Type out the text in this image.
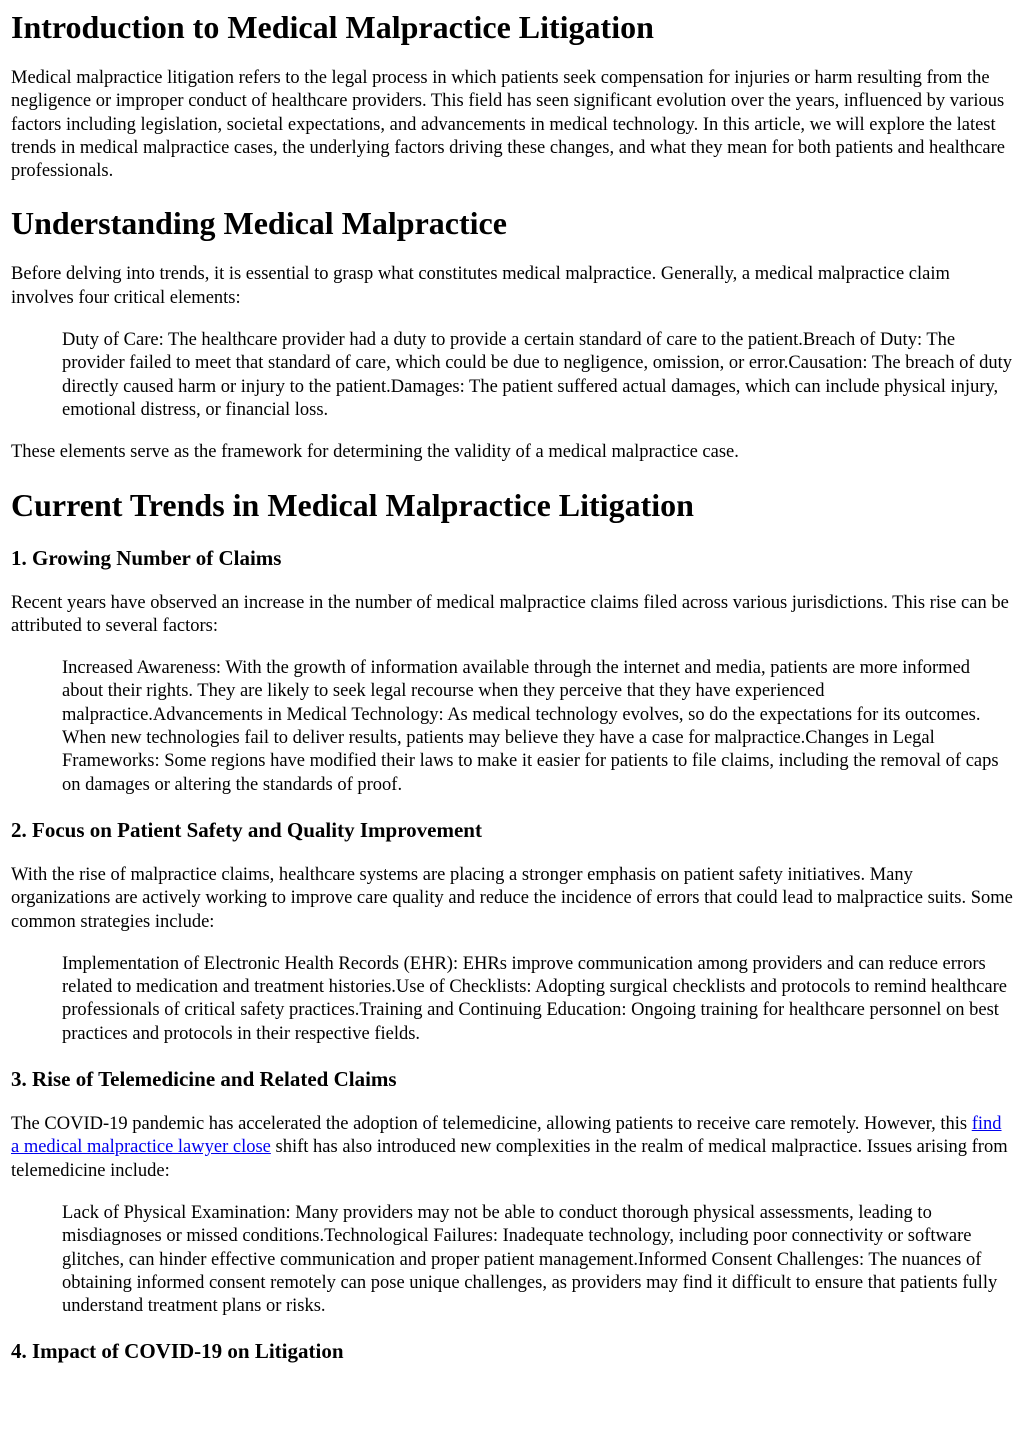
Introduction to Medical Malpractice Litigation

Medical malpractice litigation refers to the legal process in which patients seek compensation for injuries or harm resulting from the negligence or improper conduct of healthcare providers. This field has seen significant evolution over the years, influenced by various factors including legislation, societal expectations, and advancements in medical technology. In this article, we will explore the latest trends in medical malpractice cases, the underlying factors driving these changes, and what they mean for both patients and healthcare professionals.

Understanding Medical Malpractice

Before delving into trends, it is essential to grasp what constitutes medical malpractice. Generally, a medical malpractice claim involves four critical elements:

Duty of Care: The healthcare provider had a duty to provide a certain standard of care to the patient.Breach of Duty: The provider failed to meet that standard of care, which could be due to negligence, omission, or error.Causation: The breach of duty directly caused harm or injury to the patient.Damages: The patient suffered actual damages, which can include physical injury, emotional distress, or financial loss.

These elements serve as the framework for determining the validity of a medical malpractice case.

Current Trends in Medical Malpractice Litigation
1. Growing Number of Claims

Recent years have observed an increase in the number of medical malpractice claims filed across various jurisdictions. This rise can be attributed to several factors:

Increased Awareness: With the growth of information available through the internet and media, patients are more informed about their rights. They are likely to seek legal recourse when they perceive that they have experienced malpractice.Advancements in Medical Technology: As medical technology evolves, so do the expectations for its outcomes. When new technologies fail to deliver results, patients may believe they have a case for malpractice.Changes in Legal Frameworks: Some regions have modified their laws to make it easier for patients to file claims, including the removal of caps on damages or altering the standards of proof.
2. Focus on Patient Safety and Quality Improvement

With the rise of malpractice claims, healthcare systems are placing a stronger emphasis on patient safety initiatives. Many organizations are actively working to improve care quality and reduce the incidence of errors that could lead to malpractice suits. Some common strategies include:

Implementation of Electronic Health Records (EHR): EHRs improve communication among providers and can reduce errors related to medication and treatment histories.Use of Checklists: Adopting surgical checklists and protocols to remind healthcare professionals of critical safety practices.Training and Continuing Education: Ongoing training for healthcare personnel on best practices and protocols in their respective fields.
3. Rise of Telemedicine and Related Claims

The COVID-19 pandemic has accelerated the adoption of telemedicine, allowing patients to receive care remotely. However, this find a medical malpractice lawyer close shift has also introduced new complexities in the realm of medical malpractice. Issues arising from telemedicine include:

Lack of Physical Examination: Many providers may not be able to conduct thorough physical assessments, leading to misdiagnoses or missed conditions.Technological Failures: Inadequate technology, including poor connectivity or software glitches, can hinder effective communication and proper patient management.Informed Consent Challenges: The nuances of obtaining informed consent remotely can pose unique challenges, as providers may find it difficult to ensure that patients fully understand treatment plans or risks.
4. Impact of COVID-19 on Litigation
